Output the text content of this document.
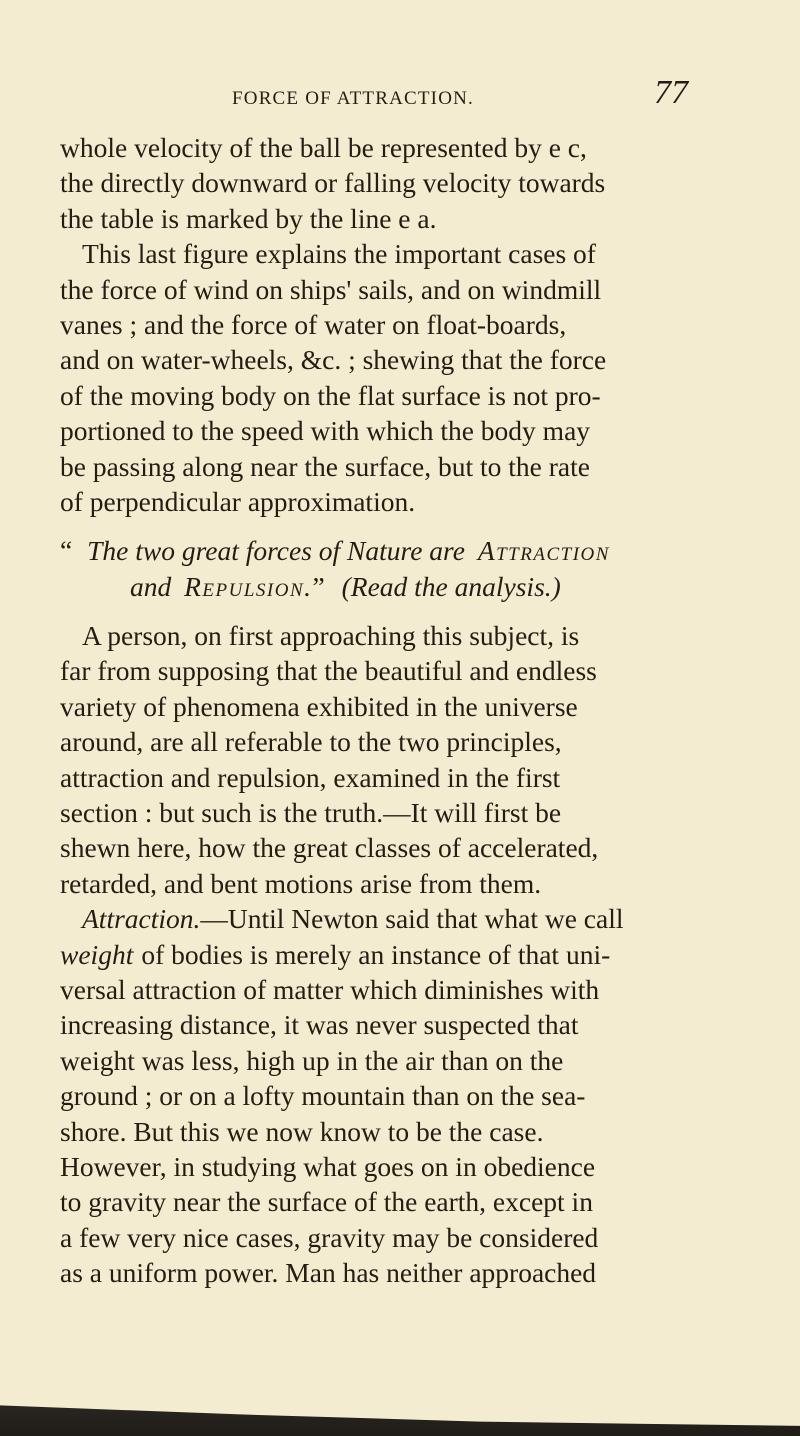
FORCE OF ATTRACTION.	77
whole velocity of the ball be represented by e c,
the directly downward or falling velocity towards
the table is marked by the line e a.
This last figure explains the important cases of
the force of wind on ships' sails, and on windmill
vanes ; and the force of water on float-boards,
and on water-wheels, &c. ; shewing that the force
of the moving body on the flat surface is not pro-
portioned to the speed with which the body may
be passing along near the surface, but to the rate
of perpendicular approximation.
“ The two great forces of Nature are Attraction
and Repulsion.” (Read the analysis.)
A person, on first approaching this subject, is
far from supposing that the beautiful and endless
variety of phenomena exhibited in the universe
around, are all referable to the two principles,
attraction and repulsion, examined in the first
section : but such is the truth.—It will first be
shewn here, how the great classes of accelerated,
retarded, and bent motions arise from them.
Attraction. —Until Newton said that what we call
weight of bodies is merely an instance of that uni-
versal attraction of matter which diminishes with
increasing distance, it was never suspected that
weight was less, high up in the air than on the
ground ; or on a lofty mountain than on the sea-
shore. But this we now know to be the case.
However, in studying what goes on in obedience
to gravity near the surface of the earth, except in
a few very nice cases, gravity may be considered
as a uniform power. Man has neither approached
